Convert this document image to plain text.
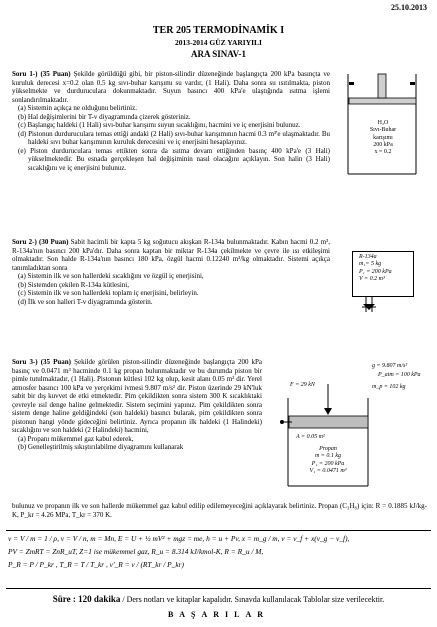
25.10.2013
TER 205 TERMODİNAMİK I
2013-2014 GÜZ YARIYILI
ARA SINAV-1
Soru 1-) (35 Puan) Şekilde görüldüğü gibi, bir piston-silindir düzeneğinde başlangıçta 200 kPa basınçta ve kuruluk derecesi x=0.2 olan 0.5 kg sıvı-buhar karışımı su vardır, (1 Hali). Daha sonra su ısıtılmakta, piston yükselmekte ve durduruculara dokunmaktadır. Suyun basıncı 400 kPa'e ulaştığında ısıtma işlemi sonlandırılmaktadır.
(a) Sistemin açıkça ne olduğunu belirtiniz.
(b) Hal değişimlerini bir T-v diyagramında çizerek gösteriniz.
(c) Başlangıç haldeki (1 Hali) sıvı-buhar karışımı suyun sıcaklığını, hacmini ve iç enerjisini bulunuz.
(d) Pistonun durduruculara temas ettiği andaki (2 Hali) sıvı-buhar karışımının hacmi 0.3 m³'e ulaşmaktadır. Bu haldeki sıvı buhar karışımının kuruluk derecesini ve iç enerjisini hesaplayınız.
(e) Piston durduruculara temas ettikten sonra da ısıtma devam ettiğinden basınç 400 kPa'e (3 Hali) yükselmektedir. Bu esnada gerçekleşen hal değişiminin nasıl olacağını açıklayın. Son halin (3 Hali) sıcaklığını ve iç enerjisini bulunuz.
H₂O
Sıvı-Buhar
karışımı
200 kPa
x = 0.2
Soru 2-) (30 Puan) Sabit hacimli bir kapta 5 kg soğutucu akışkan R-134a bulunmaktadır. Kabın hacmi 0.2 m³, R-134a'nın basıncı 200 kPa'dır. Daha sonra kaptan bir miktar R-134a çekilmekte ve çevre ile ısı etkileşimi olmaktadır. Son halde R-134a'nın basıncı 180 kPa, özgül hacmi 0.12240 m³/kg olmaktadır. Sistemi açıkça tanımladıktan sonra
(a) Sistemin ilk ve son hallerdeki sıcaklığını ve özgül iç enerjisini,
(b) Sistemden çekilen R-134a kütlesini,
(c) Sistemin ilk ve son hallerdeki toplam iç enerjisini, belirleyin.
(d) İlk ve son halleri T-v diyagramında gösterin.
R-134a
m₁= 5 kg
P₁ = 200 kPa
V = 0.2 m³
Soru 3-) (35 Puan) Şekilde görülen piston-silindir düzeneğinde başlangıçta 200 kPa basınç ve 0.0471 m³ hacminde 0.1 kg propan bulunmaktadır ve bu durumda piston bir pimle tutulmaktadır, (1 Hali). Pistonun kütlesi 102 kg olup, kesit alanı 0.05 m² dir. Yerel atmosfer basıncı 100 kPa ve yerçekimi ivmesi 9.807 m/s² dir. Piston üzerinde 29 kN'luk sabit bir dış kuvvet de etki etmektedir. Pim çekildikten sonra sistem 300 K sıcaklıktaki çevreyle ısıl denge haline gelmektedir. Sistem seçimini yapınız. Pim çekildikten sonra sistem denge haline geldiğindeki (son haldeki) basıncı bularak, pim çekildikten sonra pistonun hangi yönde gideceğini belirtiniz. Ayrıca propanın ilk haldeki (1 Halindeki) sıcaklığını ve son haldeki (2 Halindeki) hacmini,
(a) Propanı mükemmel gaz kabul ederek,
(b) Genelleştirilmiş sıkıştırılabilme diyagramını kullanarak
bulunuz ve propanın ilk ve son hallerde mükemmel gaz kabul edilip edilemeyeceğini açıklayarak belirtiniz. Propan (C₃H₈) için: R = 0.1885 kJ/kg-K, P_kr = 4.26 MPa, T_kr = 370 K.
F = 29 kN
g = 9.807 m/s²
P_atm = 100 kPa
m_p = 102 kg
A = 0.05 m²
Propan
m = 0.1 kg
P₁ = 200 kPa
V₁ = 0.0471 m³
v = V / m = 1 / ρ, v = V / n, m = Mn, E = U + ½ mV² + mgz = me, h = u + Pv, x = m_g / m, v = v_f + x(v_g − v_f),
PV = ZmRT = ZnR_uT, Z=1 ise mükemmel gaz, R_u = 8.314 kJ/kmol-K, R = R_u / M,
P_R = P / P_kr , T_R = T / T_kr , v'_R = v / (RT_kr / P_kr)
Süre : 120 dakika / Ders notları ve kitaplar kapalıdır. Sınavda kullanılacak Tablolar size verilecektir.
BAŞARILAR
